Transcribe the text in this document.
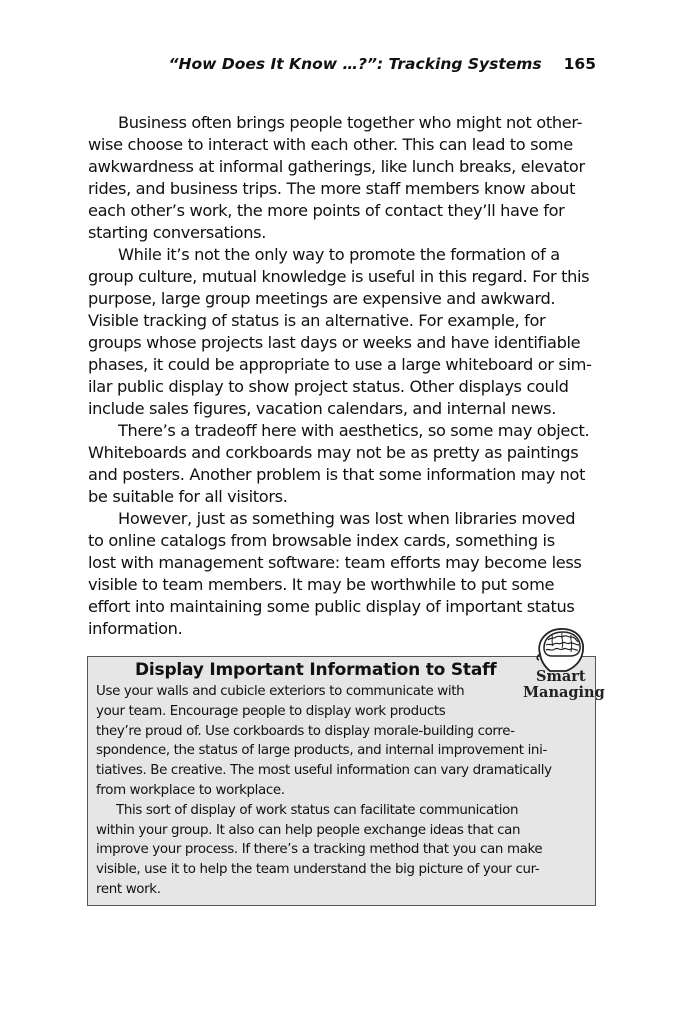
“How Does It Know …?”: Tracking Systems 165

Business often brings people together who might not other-
wise choose to interact with each other. This can lead to some
awkwardness at informal gatherings, like lunch breaks, elevator
rides, and business trips. The more staff members know about
each other’s work, the more points of contact they’ll have for
starting conversations.

While it’s not the only way to promote the formation of a
group culture, mutual knowledge is useful in this regard. For this
purpose, large group meetings are expensive and awkward.
Visible tracking of status is an alternative. For example, for
groups whose projects last days or weeks and have identifiable
phases, it could be appropriate to use a large whiteboard or sim-
ilar public display to show project status. Other displays could
include sales figures, vacation calendars, and internal news.

There’s a tradeoff here with aesthetics, so some may object.
Whiteboards and corkboards may not be as pretty as paintings
and posters. Another problem is that some information may not
be suitable for all visitors.

However, just as something was lost when libraries moved
to online catalogs from browsable index cards, something is
lost with management software: team efforts may become less
visible to team members. It may be worthwhile to put some
effort into maintaining some public display of important status
information.

Display Important Information to Staff
Use your walls and cubicle exteriors to communicate with
your team. Encourage people to display work products
they’re proud of. Use corkboards to display morale-building corre-
spondence, the status of large products, and internal improvement ini-
tiatives. Be creative. The most useful information can vary dramatically
from workplace to workplace.
This sort of display of work status can facilitate communication
within your group. It also can help people exchange ideas that can
improve your process. If there’s a tracking method that you can make
visible, use it to help the team understand the big picture of your cur-
rent work.
Smart
Managing
